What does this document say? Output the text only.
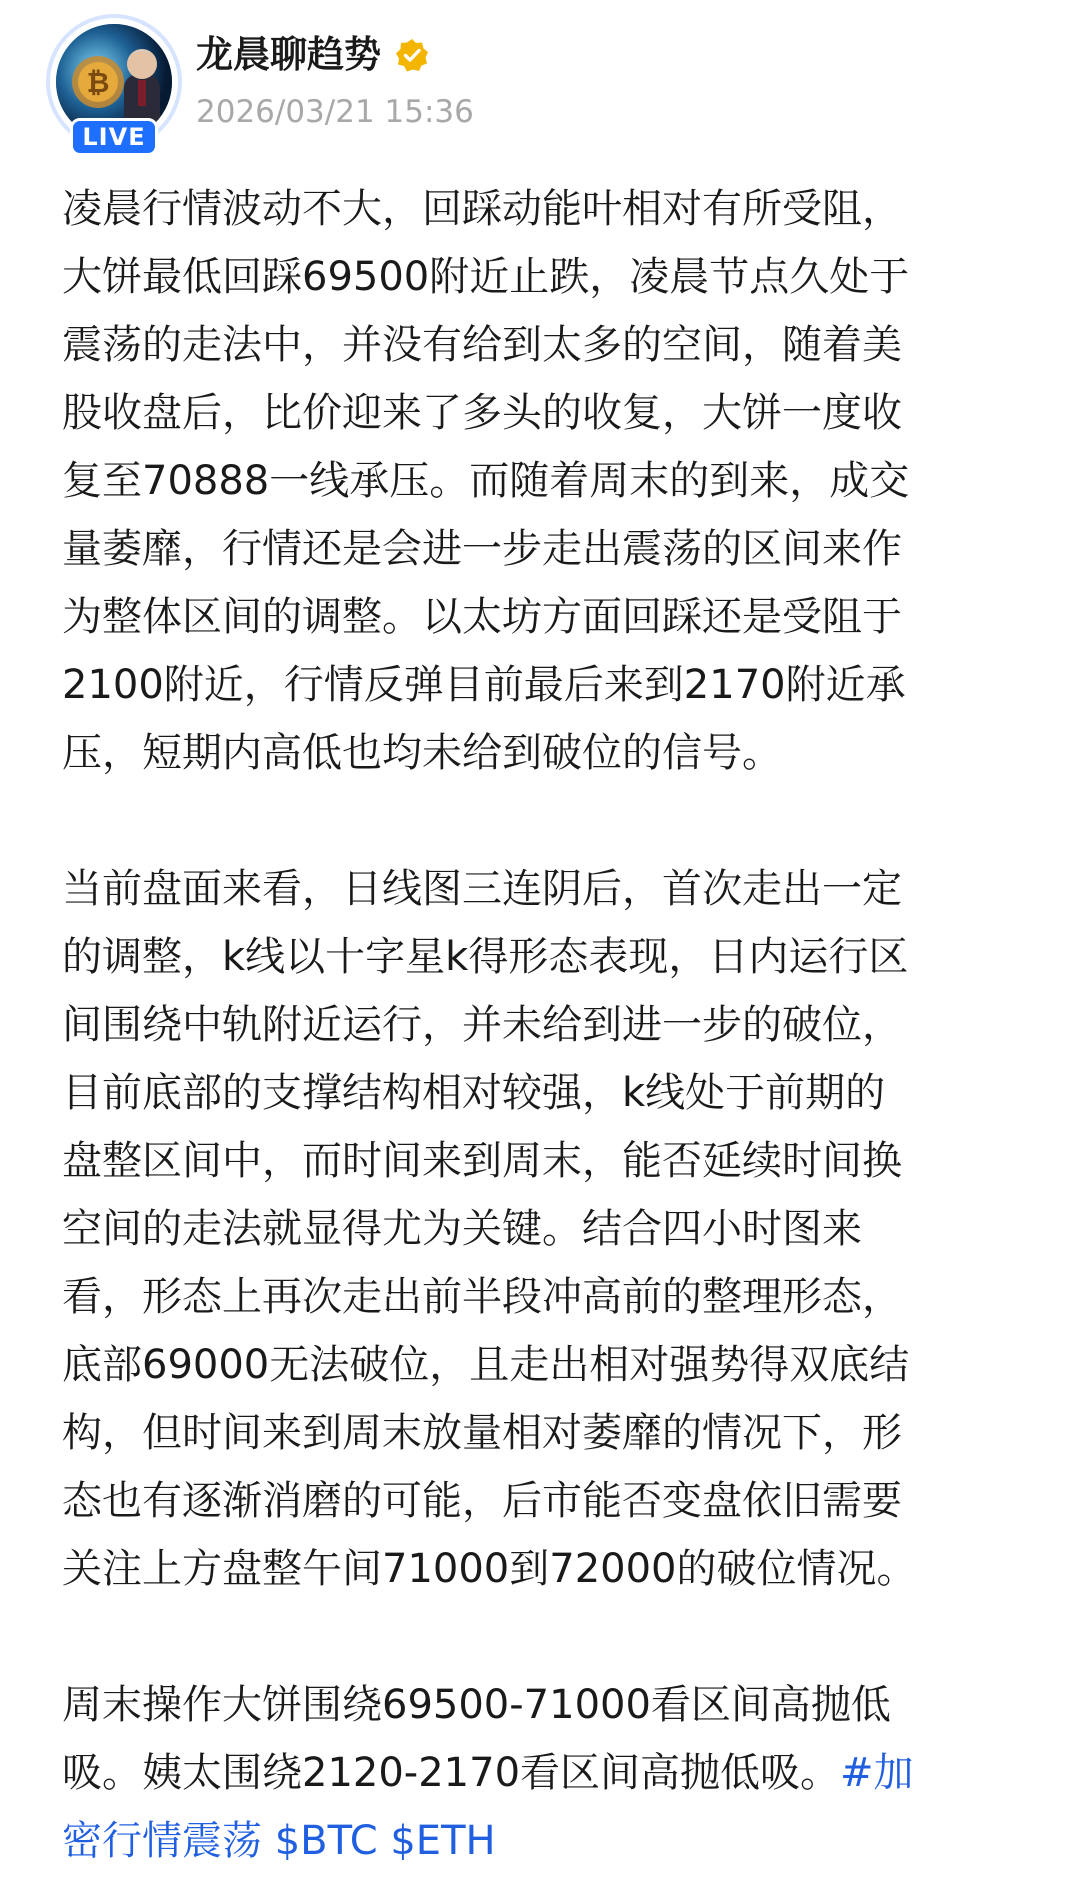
₿
LIVE
龙晨聊趋势
2026/03/21 15:36

凌晨行情波动不大，回踩动能叶相对有所受阻，
大饼最低回踩69500附近止跌，凌晨节点久处于
震荡的走法中，并没有给到太多的空间，随着美
股收盘后，比价迎来了多头的收复，大饼一度收
复至70888一线承压。而随着周末的到来，成交
量萎靡，行情还是会进一步走出震荡的区间来作
为整体区间的调整。以太坊方面回踩还是受阻于
2100附近，行情反弹目前最后来到2170附近承
压，短期内高低也均未给到破位的信号。

当前盘面来看，日线图三连阴后，首次走出一定
的调整，k线以十字星k得形态表现，日内运行区
间围绕中轨附近运行，并未给到进一步的破位，
目前底部的支撑结构相对较强，k线处于前期的
盘整区间中，而时间来到周末，能否延续时间换
空间的走法就显得尤为关键。结合四小时图来
看，形态上再次走出前半段冲高前的整理形态，
底部69000无法破位，且走出相对强势得双底结
构，但时间来到周末放量相对萎靡的情况下，形
态也有逐渐消磨的可能，后市能否变盘依旧需要
关注上方盘整午间71000到72000的破位情况。

周末操作大饼围绕69500-71000看区间高抛低
吸。姨太围绕2120-2170看区间高抛低吸。#加
密行情震荡 $BTC $ETH
